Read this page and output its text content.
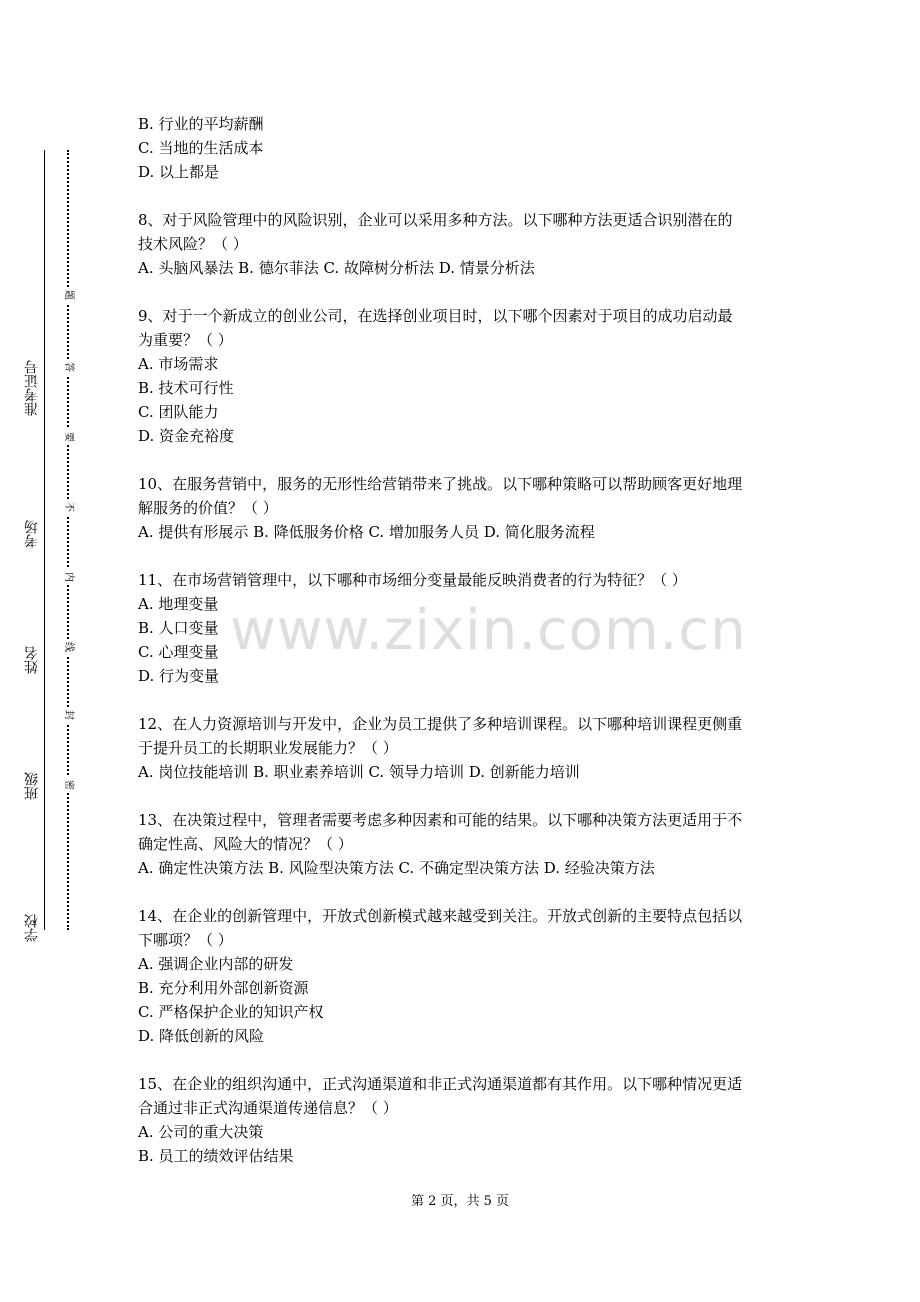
学校
班级
姓名
考场
准考证号
题
答
要
不
内
线
封
密
www.zixin.com.cn
B. 行业的平均薪酬
C. 当地的生活成本
D. 以上都是
8、对于风险管理中的风险识别，企业可以采用多种方法。以下哪种方法更适合识别潜在的
技术风险？（ ）
A. 头脑风暴法 B. 德尔菲法 C. 故障树分析法 D. 情景分析法
9、对于一个新成立的创业公司，在选择创业项目时，以下哪个因素对于项目的成功启动最
为重要？（ ）
A. 市场需求
B. 技术可行性
C. 团队能力
D. 资金充裕度
10、在服务营销中，服务的无形性给营销带来了挑战。以下哪种策略可以帮助顾客更好地理
解服务的价值？（ ）
A. 提供有形展示 B. 降低服务价格 C. 增加服务人员 D. 简化服务流程
11、在市场营销管理中，以下哪种市场细分变量最能反映消费者的行为特征？（ ）
A. 地理变量
B. 人口变量
C. 心理变量
D. 行为变量
12、在人力资源培训与开发中，企业为员工提供了多种培训课程。以下哪种培训课程更侧重
于提升员工的长期职业发展能力？（ ）
A. 岗位技能培训 B. 职业素养培训 C. 领导力培训 D. 创新能力培训
13、在决策过程中，管理者需要考虑多种因素和可能的结果。以下哪种决策方法更适用于不
确定性高、风险大的情况？（ ）
A. 确定性决策方法 B. 风险型决策方法 C. 不确定型决策方法 D. 经验决策方法
14、在企业的创新管理中，开放式创新模式越来越受到关注。开放式创新的主要特点包括以
下哪项？（ ）
A. 强调企业内部的研发
B. 充分利用外部创新资源
C. 严格保护企业的知识产权
D. 降低创新的风险
15、在企业的组织沟通中，正式沟通渠道和非正式沟通渠道都有其作用。以下哪种情况更适
合通过非正式沟通渠道传递信息？（ ）
A. 公司的重大决策
B. 员工的绩效评估结果
第 2 页，共 5 页
